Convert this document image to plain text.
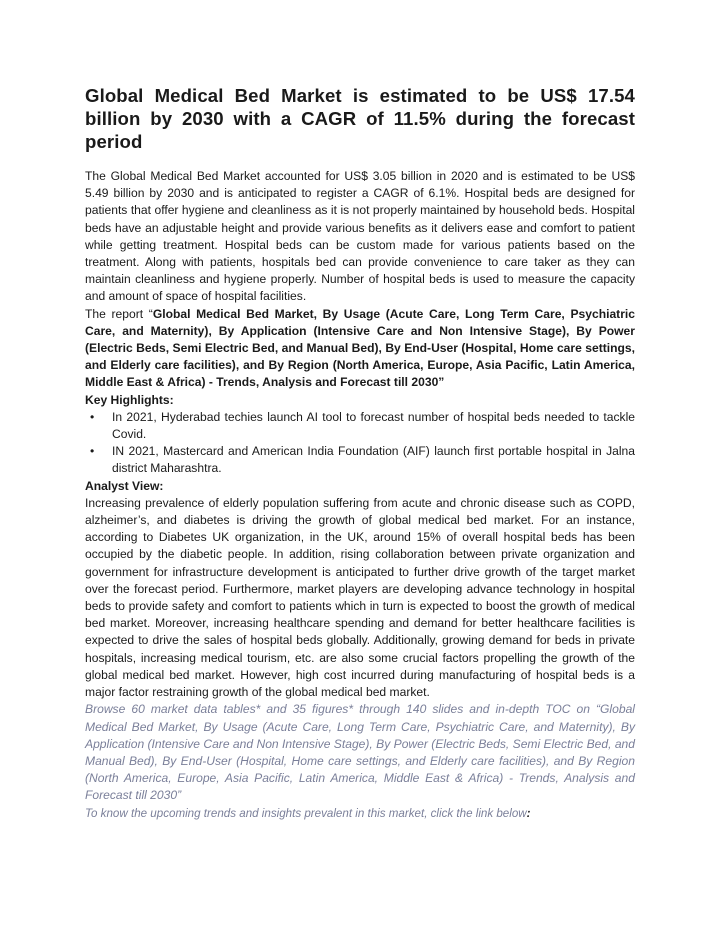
Global Medical Bed Market is estimated to be US$ 17.54 billion by 2030 with a CAGR of 11.5% during the forecast period

The Global Medical Bed Market accounted for US$ 3.05 billion in 2020 and is estimated to be US$ 5.49 billion by 2030 and is anticipated to register a CAGR of 6.1%. Hospital beds are designed for patients that offer hygiene and cleanliness as it is not properly maintained by household beds. Hospital beds have an adjustable height and provide various benefits as it delivers ease and comfort to patient while getting treatment. Hospital beds can be custom made for various patients based on the treatment. Along with patients, hospitals bed can provide convenience to care taker as they can maintain cleanliness and hygiene properly. Number of hospital beds is used to measure the capacity and amount of space of hospital facilities.

The report “Global Medical Bed Market, By Usage (Acute Care, Long Term Care, Psychiatric Care, and Maternity), By Application (Intensive Care and Non Intensive Stage), By Power (Electric Beds, Semi Electric Bed, and Manual Bed), By End-User (Hospital, Home care settings, and Elderly care facilities), and By Region (North America, Europe, Asia Pacific, Latin America, Middle East & Africa) - Trends, Analysis and Forecast till 2030”

Key Highlights:

• In 2021, Hyderabad techies launch AI tool to forecast number of hospital beds needed to tackle Covid.
• IN 2021, Mastercard and American India Foundation (AIF) launch first portable hospital in Jalna district Maharashtra.

Analyst View:

Increasing prevalence of elderly population suffering from acute and chronic disease such as COPD, alzheimer’s, and diabetes is driving the growth of global medical bed market. For an instance, according to Diabetes UK organization, in the UK, around 15% of overall hospital beds has been occupied by the diabetic people. In addition, rising collaboration between private organization and government for infrastructure development is anticipated to further drive growth of the target market over the forecast period. Furthermore, market players are developing advance technology in hospital beds to provide safety and comfort to patients which in turn is expected to boost the growth of medical bed market. Moreover, increasing healthcare spending and demand for better healthcare facilities is expected to drive the sales of hospital beds globally. Additionally, growing demand for beds in private hospitals, increasing medical tourism, etc. are also some crucial factors propelling the growth of the global medical bed market. However, high cost incurred during manufacturing of hospital beds is a major factor restraining growth of the global medical bed market.

Browse 60 market data tables* and 35 figures* through 140 slides and in-depth TOC on “Global Medical Bed Market, By Usage (Acute Care, Long Term Care, Psychiatric Care, and Maternity), By Application (Intensive Care and Non Intensive Stage), By Power (Electric Beds, Semi Electric Bed, and Manual Bed), By End-User (Hospital, Home care settings, and Elderly care facilities), and By Region (North America, Europe, Asia Pacific, Latin America, Middle East & Africa) - Trends, Analysis and Forecast till 2030”

To know the upcoming trends and insights prevalent in this market, click the link below:
